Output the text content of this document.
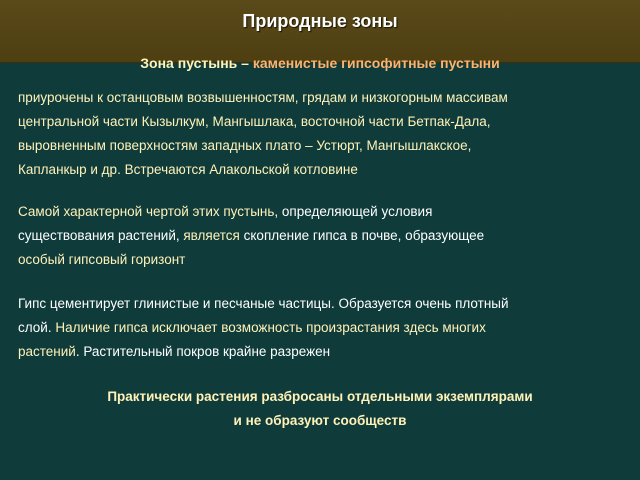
Природные зоны
Зона пустынь – каменистые гипсофитные пустыни
приурочены к останцовым возвышенностям, грядам и низкогорным массивам
центральной части Кызылкум, Мангышлака, восточной части Бетпак-Дала,
выровненным поверхностям западных плато – Устюрт, Мангышлакское,
Капланкыр и др. Встречаются Алакольской котловине
Самой характерной чертой этих пустынь, определяющей условия
существования растений, является скопление гипса в почве, образующее
особый гипсовый горизонт
Гипс цементирует глинистые и песчаные частицы. Образуется очень плотный
слой. Наличие гипса исключает возможность произрастания здесь многих
растений. Растительный покров крайне разрежен
Практически растения разбросаны отдельными экземплярами
и не образуют сообществ
